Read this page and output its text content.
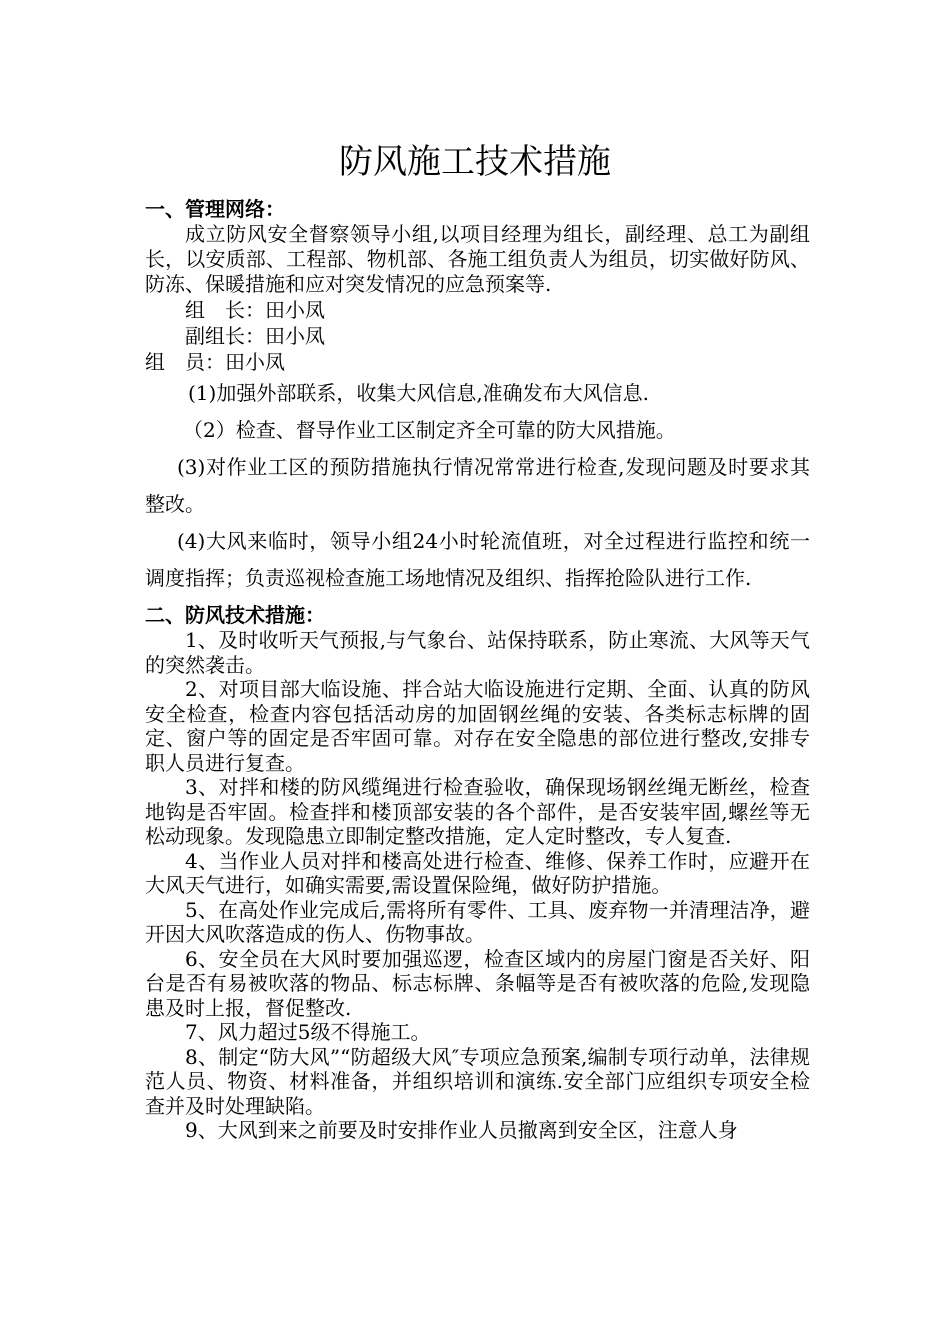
防风施工技术措施

一、管理网络：

成立防风安全督察领导小组,以项目经理为组长，副经理、总工为副组长，以安质部、工程部、物机部、各施工组负责人为组员，切实做好防风、防冻、保暖措施和应对突发情况的应急预案等.

组　长：田小凤
副组长：田小凤
组　员：田小凤

(1)加强外部联系，收集大风信息,准确发布大风信息.

（2）检查、督导作业工区制定齐全可靠的防大风措施。

(3)对作业工区的预防措施执行情况常常进行检查,发现问题及时要求其整改。

(4)大风来临时，领导小组24小时轮流值班，对全过程进行监控和统一调度指挥；负责巡视检查施工场地情况及组织、指挥抢险队进行工作.

二、防风技术措施：

1、及时收听天气预报,与气象台、站保持联系，防止寒流、大风等天气的突然袭击。

2、对项目部大临设施、拌合站大临设施进行定期、全面、认真的防风安全检查，检查内容包括活动房的加固钢丝绳的安装、各类标志标牌的固定、窗户等的固定是否牢固可靠。对存在安全隐患的部位进行整改,安排专职人员进行复查。

3、对拌和楼的防风缆绳进行检查验收，确保现场钢丝绳无断丝，检查地钩是否牢固。检查拌和楼顶部安装的各个部件，是否安装牢固,螺丝等无松动现象。发现隐患立即制定整改措施，定人定时整改，专人复查.

4、当作业人员对拌和楼高处进行检查、维修、保养工作时，应避开在大风天气进行，如确实需要,需设置保险绳，做好防护措施。

5、在高处作业完成后,需将所有零件、工具、废弃物一并清理洁净，避开因大风吹落造成的伤人、伤物事故。

6、安全员在大风时要加强巡逻，检查区域内的房屋门窗是否关好、阳台是否有易被吹落的物品、标志标牌、条幅等是否有被吹落的危险,发现隐患及时上报，督促整改.

7、风力超过5级不得施工。

8、制定“防大风”“防超级大风″专项应急预案,编制专项行动单，法律规范人员、物资、材料准备，并组织培训和演练.安全部门应组织专项安全检查并及时处理缺陷。

9、大风到来之前要及时安排作业人员撤离到安全区，注意人身
